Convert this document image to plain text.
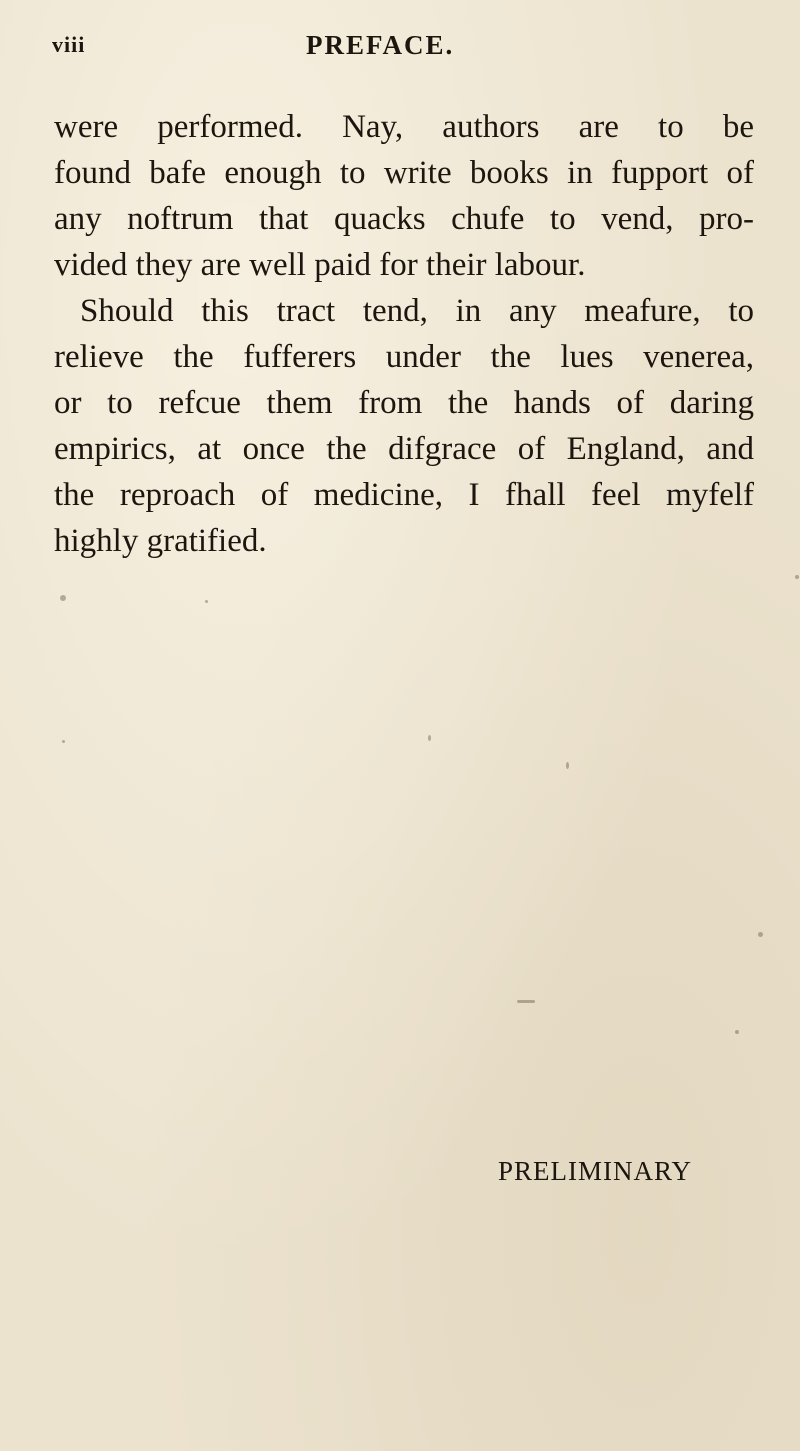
viii	PREFACE.
were performed. Nay, authors are to be
found bafe enough to write books in fupport of
any noftrum that quacks chufe to vend, pro-
vided they are well paid for their labour.
Should this tract tend, in any meafure, to
relieve the fufferers under the lues venerea,
or to refcue them from the hands of daring
empirics, at once the difgrace of England, and
the reproach of medicine, I fhall feel myfelf
highly gratified.
PRELIMINARY
